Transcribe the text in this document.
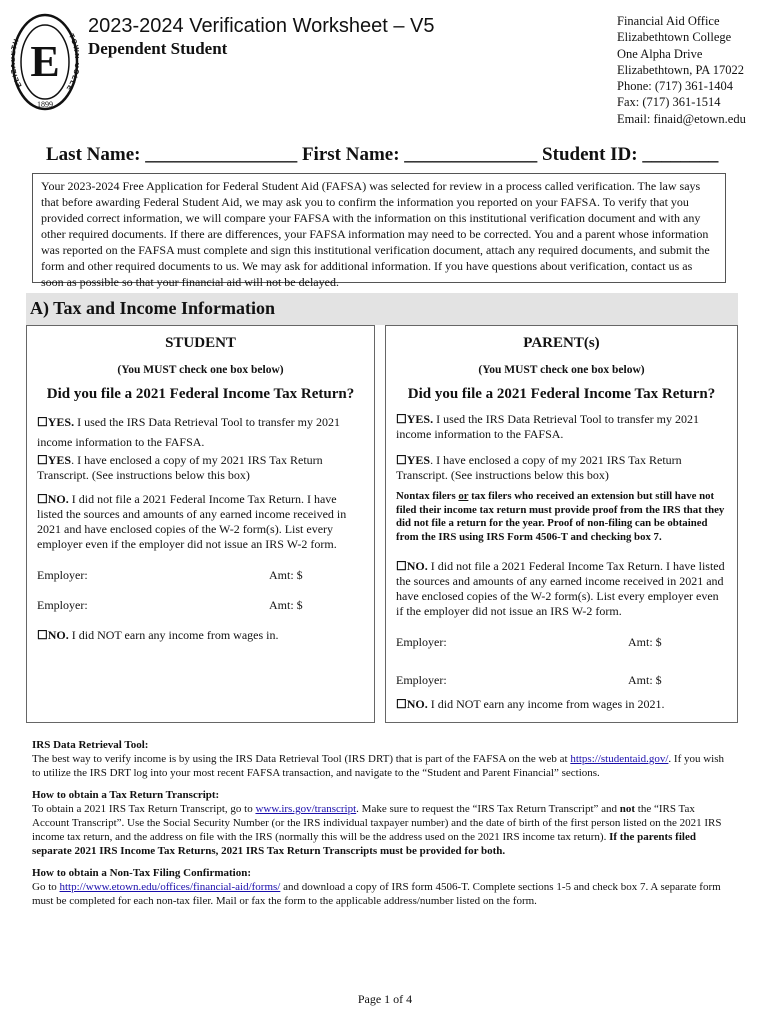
E
ELIZ TH
TOW OLLE
1899
2023-2024 Verification Worksheet – V5
Dependent Student
Financial Aid Office
Elizabethtown College
One Alpha Drive
Elizabethtown, PA 17022
Phone: (717) 361-1404
Fax: (717) 361-1514
Email: finaid@etown.edu
Last Name: ________________ First Name: ______________ Student ID: ________
Your 2023-2024 Free Application for Federal Student Aid (FAFSA) was selected for review in a process called verification. The law says that before awarding Federal Student Aid, we may ask you to confirm the information you reported on your FAFSA. To verify that you provided correct information, we will compare your FAFSA with the information on this institutional verification document and with any other required documents. If there are differences, your FAFSA information may need to be corrected. You and a parent whose information was reported on the FAFSA must complete and sign this institutional verification document, attach any required documents, and submit the form and other required documents to us. We may ask for additional information. If you have questions about verification, contact us as soon as possible so that your financial aid will not be delayed.
A) Tax and Income Information
STUDENT
(You MUST check one box below)
Did you file a 2021 Federal Income Tax Return?
☐YES. I used the IRS Data Retrieval Tool to transfer my 2021 income information to the FAFSA.
☐YES. I have enclosed a copy of my 2021 IRS Tax Return Transcript. (See instructions below this box)
☐NO. I did not file a 2021 Federal Income Tax Return. I have listed the sources and amounts of any earned income received in 2021 and have enclosed copies of the W-2 form(s). List every employer even if the employer did not issue an IRS W-2 form.
Employer:	Amt: $
Employer:	Amt: $
☐NO. I did NOT earn any income from wages in.
PARENT(s)
(You MUST check one box below)
Did you file a 2021 Federal Income Tax Return?
☐YES. I used the IRS Data Retrieval Tool to transfer my 2021 income information to the FAFSA.
☐YES. I have enclosed a copy of my 2021 IRS Tax Return Transcript. (See instructions below this box)
Nontax filers or tax filers who received an extension but still have not filed their income tax return must provide proof from the IRS that they did not file a return for the year. Proof of non-filing can be obtained from the IRS using IRS Form 4506-T and checking box 7.
☐NO. I did not file a 2021 Federal Income Tax Return. I have listed the sources and amounts of any earned income received in 2021 and have enclosed copies of the W-2 form(s). List every employer even if the employer did not issue an IRS W-2 form.
Employer:	Amt: $
Employer:	Amt: $
☐NO. I did NOT earn any income from wages in 2021.

IRS Data Retrieval Tool:
The best way to verify income is by using the IRS Data Retrieval Tool (IRS DRT) that is part of the FAFSA on the web at https://studentaid.gov/. If you wish to utilize the IRS DRT log into your most recent FAFSA transaction, and navigate to the “Student and Parent Financial” sections.

How to obtain a Tax Return Transcript:
To obtain a 2021 IRS Tax Return Transcript, go to www.irs.gov/transcript. Make sure to request the “IRS Tax Return Transcript” and not the “IRS Tax Account Transcript”. Use the Social Security Number (or the IRS individual taxpayer number) and the date of birth of the first person listed on the 2021 IRS income tax return, and the address on file with the IRS (normally this will be the address used on the 2021 IRS income tax return). If the parents filed separate 2021 IRS Income Tax Returns, 2021 IRS Tax Return Transcripts must be provided for both.

How to obtain a Non-Tax Filing Confirmation:
Go to http://www.etown.edu/offices/financial-aid/forms/ and download a copy of IRS form 4506-T. Complete sections 1-5 and check box 7. A separate form must be completed for each non-tax filer. Mail or fax the form to the applicable address/number listed on the form.

Page 1 of 4
